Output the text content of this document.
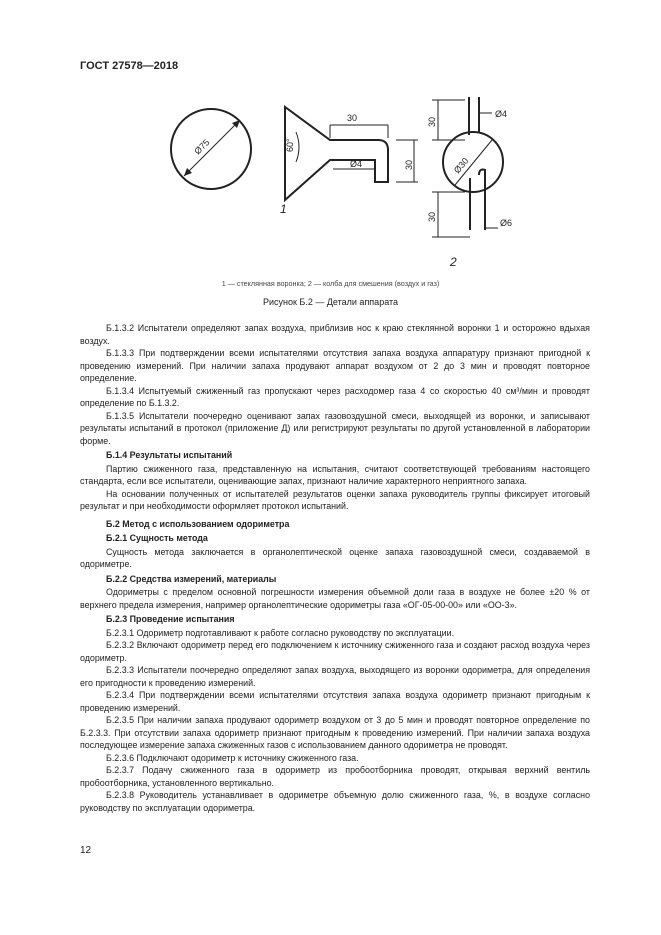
ГОСТ 27578—2018
Ø75
30
60°
Ø4	30
30
Ø4
Ø30
30
Ø6
1
2
1 — стеклянная воронка; 2 — колба для смешения (воздух и газ)
Рисунок Б.2 — Детали аппарата

Б.1.3.2 Испытатели определяют запах воздуха, приблизив нос к краю стеклянной воронки 1 и осторожно вдыхая воздух.

Б.1.3.3 При подтверждении всеми испытателями отсутствия запаха воздуха аппаратуру признают пригодной к проведению измерений. При наличии запаха продувают аппарат воздухом от 2 до 3 мин и проводят повторное определение.

Б.1.3.4 Испытуемый сжиженный газ пропускают через расходомер газа 4 со скоростью 40 см³/мин и проводят определение по Б.1.3.2.

Б.1.3.5 Испытатели поочередно оценивают запах газовоздушной смеси, выходящей из воронки, и записывают результаты испытаний в протокол (приложение Д) или регистрируют результаты по другой установленной в лаборатории форме.

Б.1.4 Результаты испытаний

Партию сжиженного газа, представленную на испытания, считают соответствующей требованиям настоящего стандарта, если все испытатели, оценивающие запах, признают наличие характерного неприятного запаха.

На основании полученных от испытателей результатов оценки запаха руководитель группы фиксирует итоговый результат и при необходимости оформляет протокол испытаний.

Б.2 Метод с использованием одориметра

Б.2.1 Сущность метода

Сущность метода заключается в органолептической оценке запаха газовоздушной смеси, создаваемой в одориметре.

Б.2.2 Средства измерений, материалы

Одориметры с пределом основной погрешности измерения объемной доли газа в воздухе не более ±20 % от верхнего предела измерения, например органолептические одориметры газа «ОГ-05-00-00» или «ОО-3».

Б.2.3 Проведение испытания

Б.2.3.1 Одориметр подготавливают к работе согласно руководству по эксплуатации.

Б.2.3.2 Включают одориметр перед его подключением к источнику сжиженного газа и создают расход воздуха через одориметр.

Б.2.3.3 Испытатели поочередно определяют запах воздуха, выходящего из воронки одориметра, для определения его пригодности к проведению измерений.

Б.2.3.4 При подтверждении всеми испытателями отсутствия запаха воздуха одориметр признают пригодным к проведению измерений.

Б.2.3.5 При наличии запаха продувают одориметр воздухом от 3 до 5 мин и проводят повторное определение по Б.2.3.3. При отсутствии запаха одориметр признают пригодным к проведению измерений. При наличии запаха воздуха последующее измерение запаха сжиженных газов с использованием данного одориметра не проводят.

Б.2.3.6 Подключают одориметр к источнику сжиженного газа.

Б.2.3.7 Подачу сжиженного газа в одориметр из пробоотборника проводят, открывая верхний вентиль пробоотборника, установленного вертикально.

Б.2.3.8 Руководитель устанавливает в одориметре объемную долю сжиженного газа, %, в воздухе согласно руководству по эксплуатации одориметра.

12
